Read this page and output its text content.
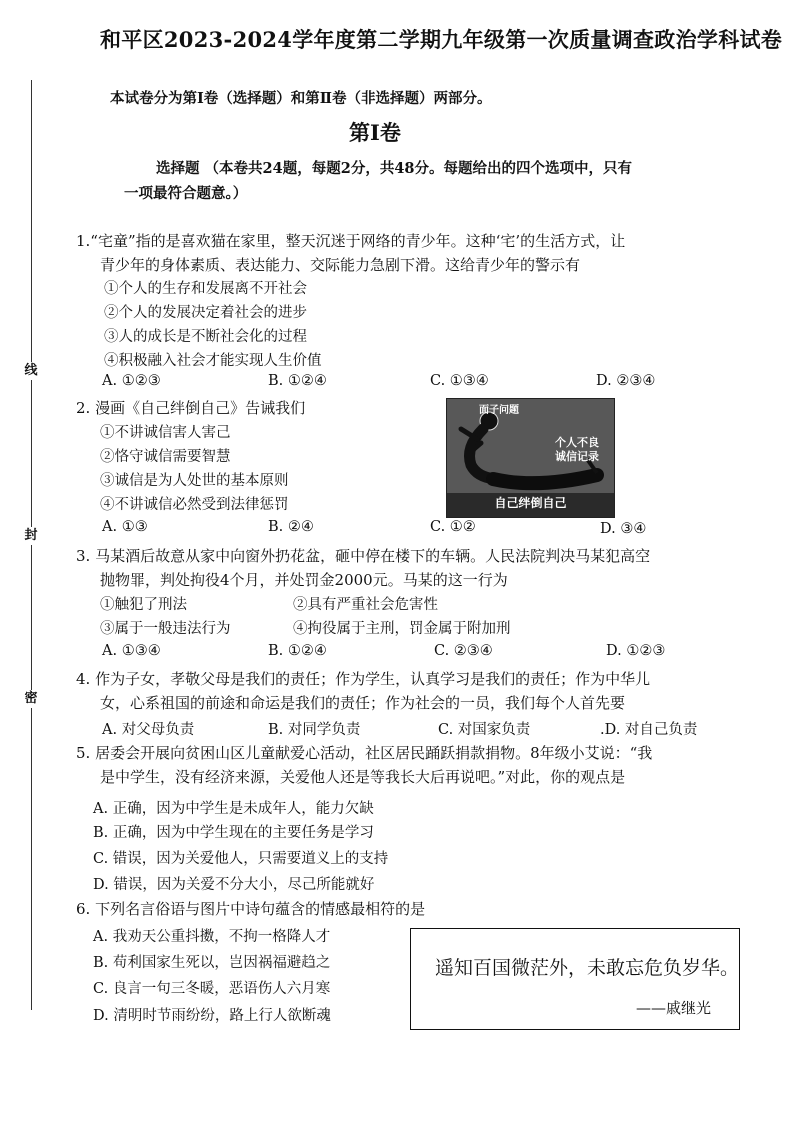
线
封
密
和平区2023-2024学年度第二学期九年级第一次质量调查政治学科试卷
本试卷分为第Ⅰ卷（选择题）和第Ⅱ卷（非选择题）两部分。
第Ⅰ卷
选择题 （本卷共24题，每题2分，共48分。每题给出的四个选项中，只有
一项最符合题意。）
1.“宅童”指的是喜欢猫在家里，整天沉迷于网络的青少年。这种‘宅’的生活方式，让
青少年的身体素质、表达能力、交际能力急剧下滑。这给青少年的警示有
①个人的生存和发展离不开社会
②个人的发展决定着社会的进步
③人的成长是不断社会化的过程
④积极融入社会才能实现人生价值
A. ①②③	B. ①②④	C. ①③④	D. ②③④
2. 漫画《自己绊倒自己》告诫我们
①不讲诚信害人害己
②恪守诚信需要智慧
③诚信是为人处世的基本原则
④不讲诚信必然受到法律惩罚
A. ①③	B. ②④	C. ①②	D. ③④
面子问题
个人不良
诚信记录
自己绊倒自己
3. 马某酒后故意从家中向窗外扔花盆，砸中停在楼下的车辆。人民法院判决马某犯高空
抛物罪，判处拘役4个月，并处罚金2000元。马某的这一行为
①触犯了刑法	②具有严重社会危害性
③属于一般违法行为	④拘役属于主刑，罚金属于附加刑
A. ①③④	B. ①②④	C. ②③④	D. ①②③
4. 作为子女，孝敬父母是我们的责任；作为学生，认真学习是我们的责任；作为中华儿
女，心系祖国的前途和命运是我们的责任；作为社会的一员，我们每个人首先要
A. 对父母负责	B. 对同学负责	C. 对国家负责	.D. 对自己负责
5. 居委会开展向贫困山区儿童献爱心活动，社区居民踊跃捐款捐物。8年级小艾说：“我
是中学生，没有经济来源，关爱他人还是等我长大后再说吧。”对此，你的观点是
A. 正确，因为中学生是未成年人，能力欠缺
B. 正确，因为中学生现在的主要任务是学习
C. 错误，因为关爱他人，只需要道义上的支持
D. 错误，因为关爱不分大小，尽己所能就好
6. 下列名言俗语与图片中诗句蕴含的情感最相符的是
A. 我劝天公重抖擞，不拘一格降人才
B. 苟利国家生死以，岂因祸福避趋之
C. 良言一句三冬暖，恶语伤人六月寒
D. 清明时节雨纷纷，路上行人欲断魂
遥知百国微茫外，未敢忘危负岁华。
——戚继光
